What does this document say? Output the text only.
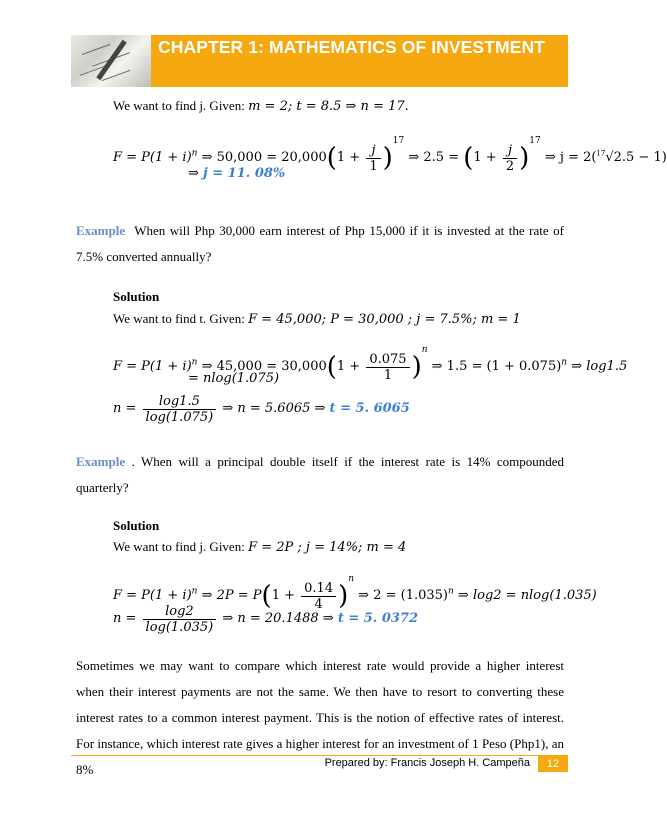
CHAPTER 1: MATHEMATICS OF INVESTMENT
We want to find j. Given: m = 2; t = 8.5 ⇒ n = 17.
$F = P(1 + i)^n$ ⇒ $50,000 = 20,000(1 + \frac{j}{1} )^{17}$ ⇒ $2.5 = (1 + \frac{j}{2} )^{17}$ ⇒ j = 2($^{17}$√2.5 − 1)
⇒ j = 11. 08%
Example When will Php 30,000 earn interest of Php 15,000 if it is invested at the rate of 7.5% converted annually?
Solution
We want to find t. Given: F = 45,000; P = 30,000 ; j = 7.5%; m = 1
$F = P(1 + i)^n$ ⇒ $45,000 = 30,000(1 + \frac{0.075}{1} )^n$ ⇒ $1.5 = (1 + 0.075)^n$ ⇒ log1.5
= nlog(1.075)
$n = \frac{\log 1.5}{\log(1.075)}$ ⇒ n = 5.6065 ⇒ t = 5. 6065
Example . When will a principal double itself if the interest rate is 14% compounded quarterly?
Solution
We want to find j. Given: F = 2P ; j = 14%; m = 4
$F = P(1 + i)^n$ ⇒ $2P = P(1 + \frac{0.14}{4} )^n$ ⇒ $2 = (1.035)^n$ ⇒ log2 = nlog(1.035)
$n = \frac{\log 2}{\log(1.035)}$ ⇒ n = 20.1488 ⇒ t = 5. 0372
Sometimes we may want to compare which interest rate would provide a higher interest when their interest payments are not the same. We then have to resort to converting these interest rates to a common interest payment. This is the notion of effective rates of interest. For instance, which interest rate gives a higher interest for an investment of 1 Peso (Php1), an 8%	Prepared by: Francis Joseph H. Campeña	12
